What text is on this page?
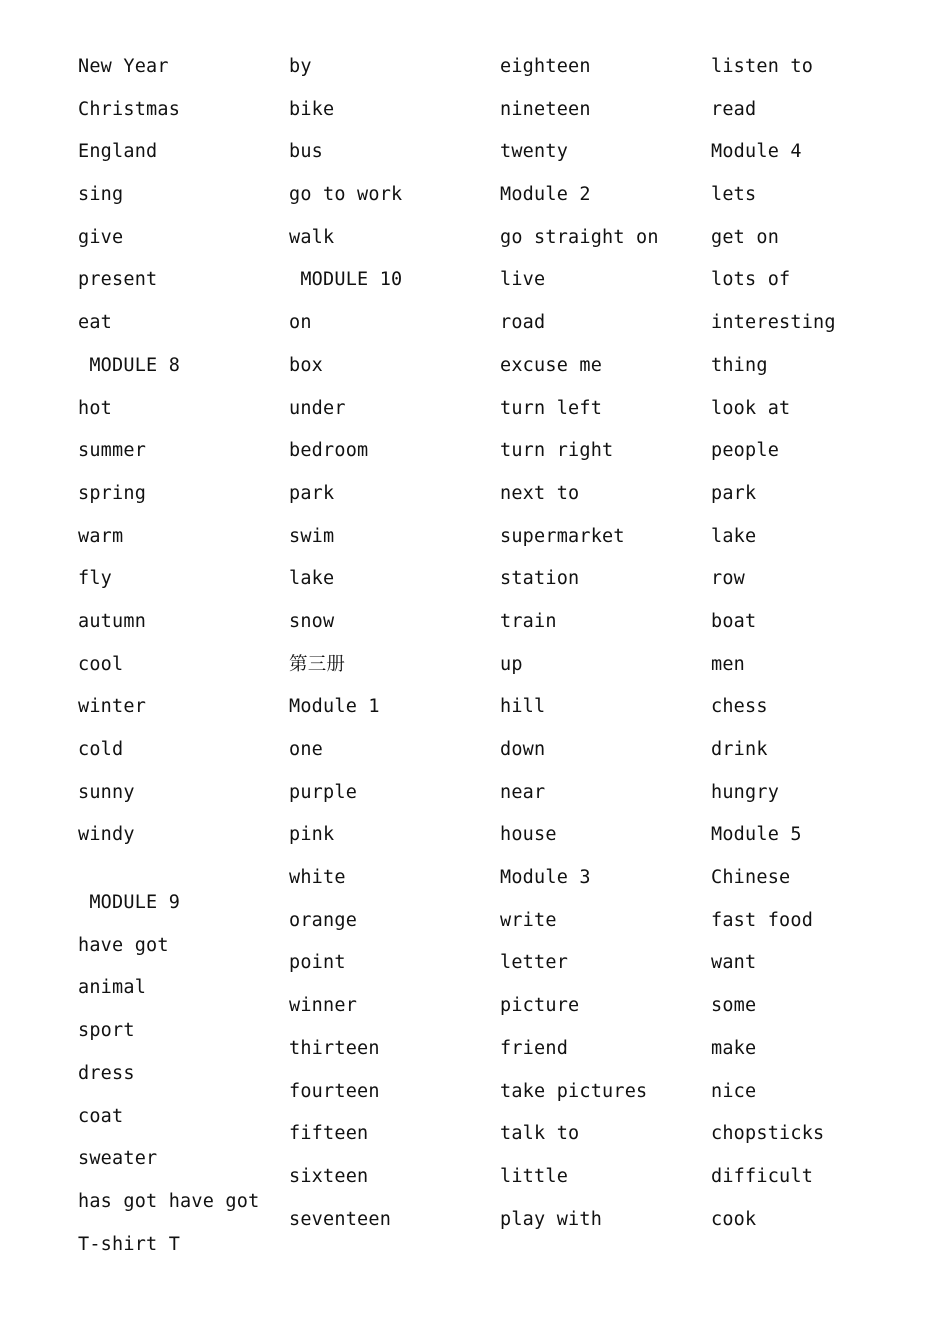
New Year
Christmas
England
sing
give
present
eat
MODULE 8
hot
summer
spring
warm
fly
autumn
cool
winter
cold
sunny
windy
MODULE 9
have got
animal
sport
dress
coat
sweater
has got have got
T-shirt T
by
bike
bus
go to work
walk
MODULE 10
on
box
under
bedroom
park
swim
lake
snow
第三册
Module 1
one
purple
pink
white
orange
point
winner
thirteen
fourteen
fifteen
sixteen
seventeen
eighteen
nineteen
twenty
Module 2
go straight on
live
road
excuse me
turn left
turn right
next to
supermarket
station
train
up
hill
down
near
house
Module 3
write
letter
picture
friend
take pictures
talk to
little
play with
listen to
read
Module 4
lets
get on
lots of
interesting
thing
look at
people
park
lake
row
boat
men
chess
drink
hungry
Module 5
Chinese
fast food
want
some
make
nice
chopsticks
difficult
cook
